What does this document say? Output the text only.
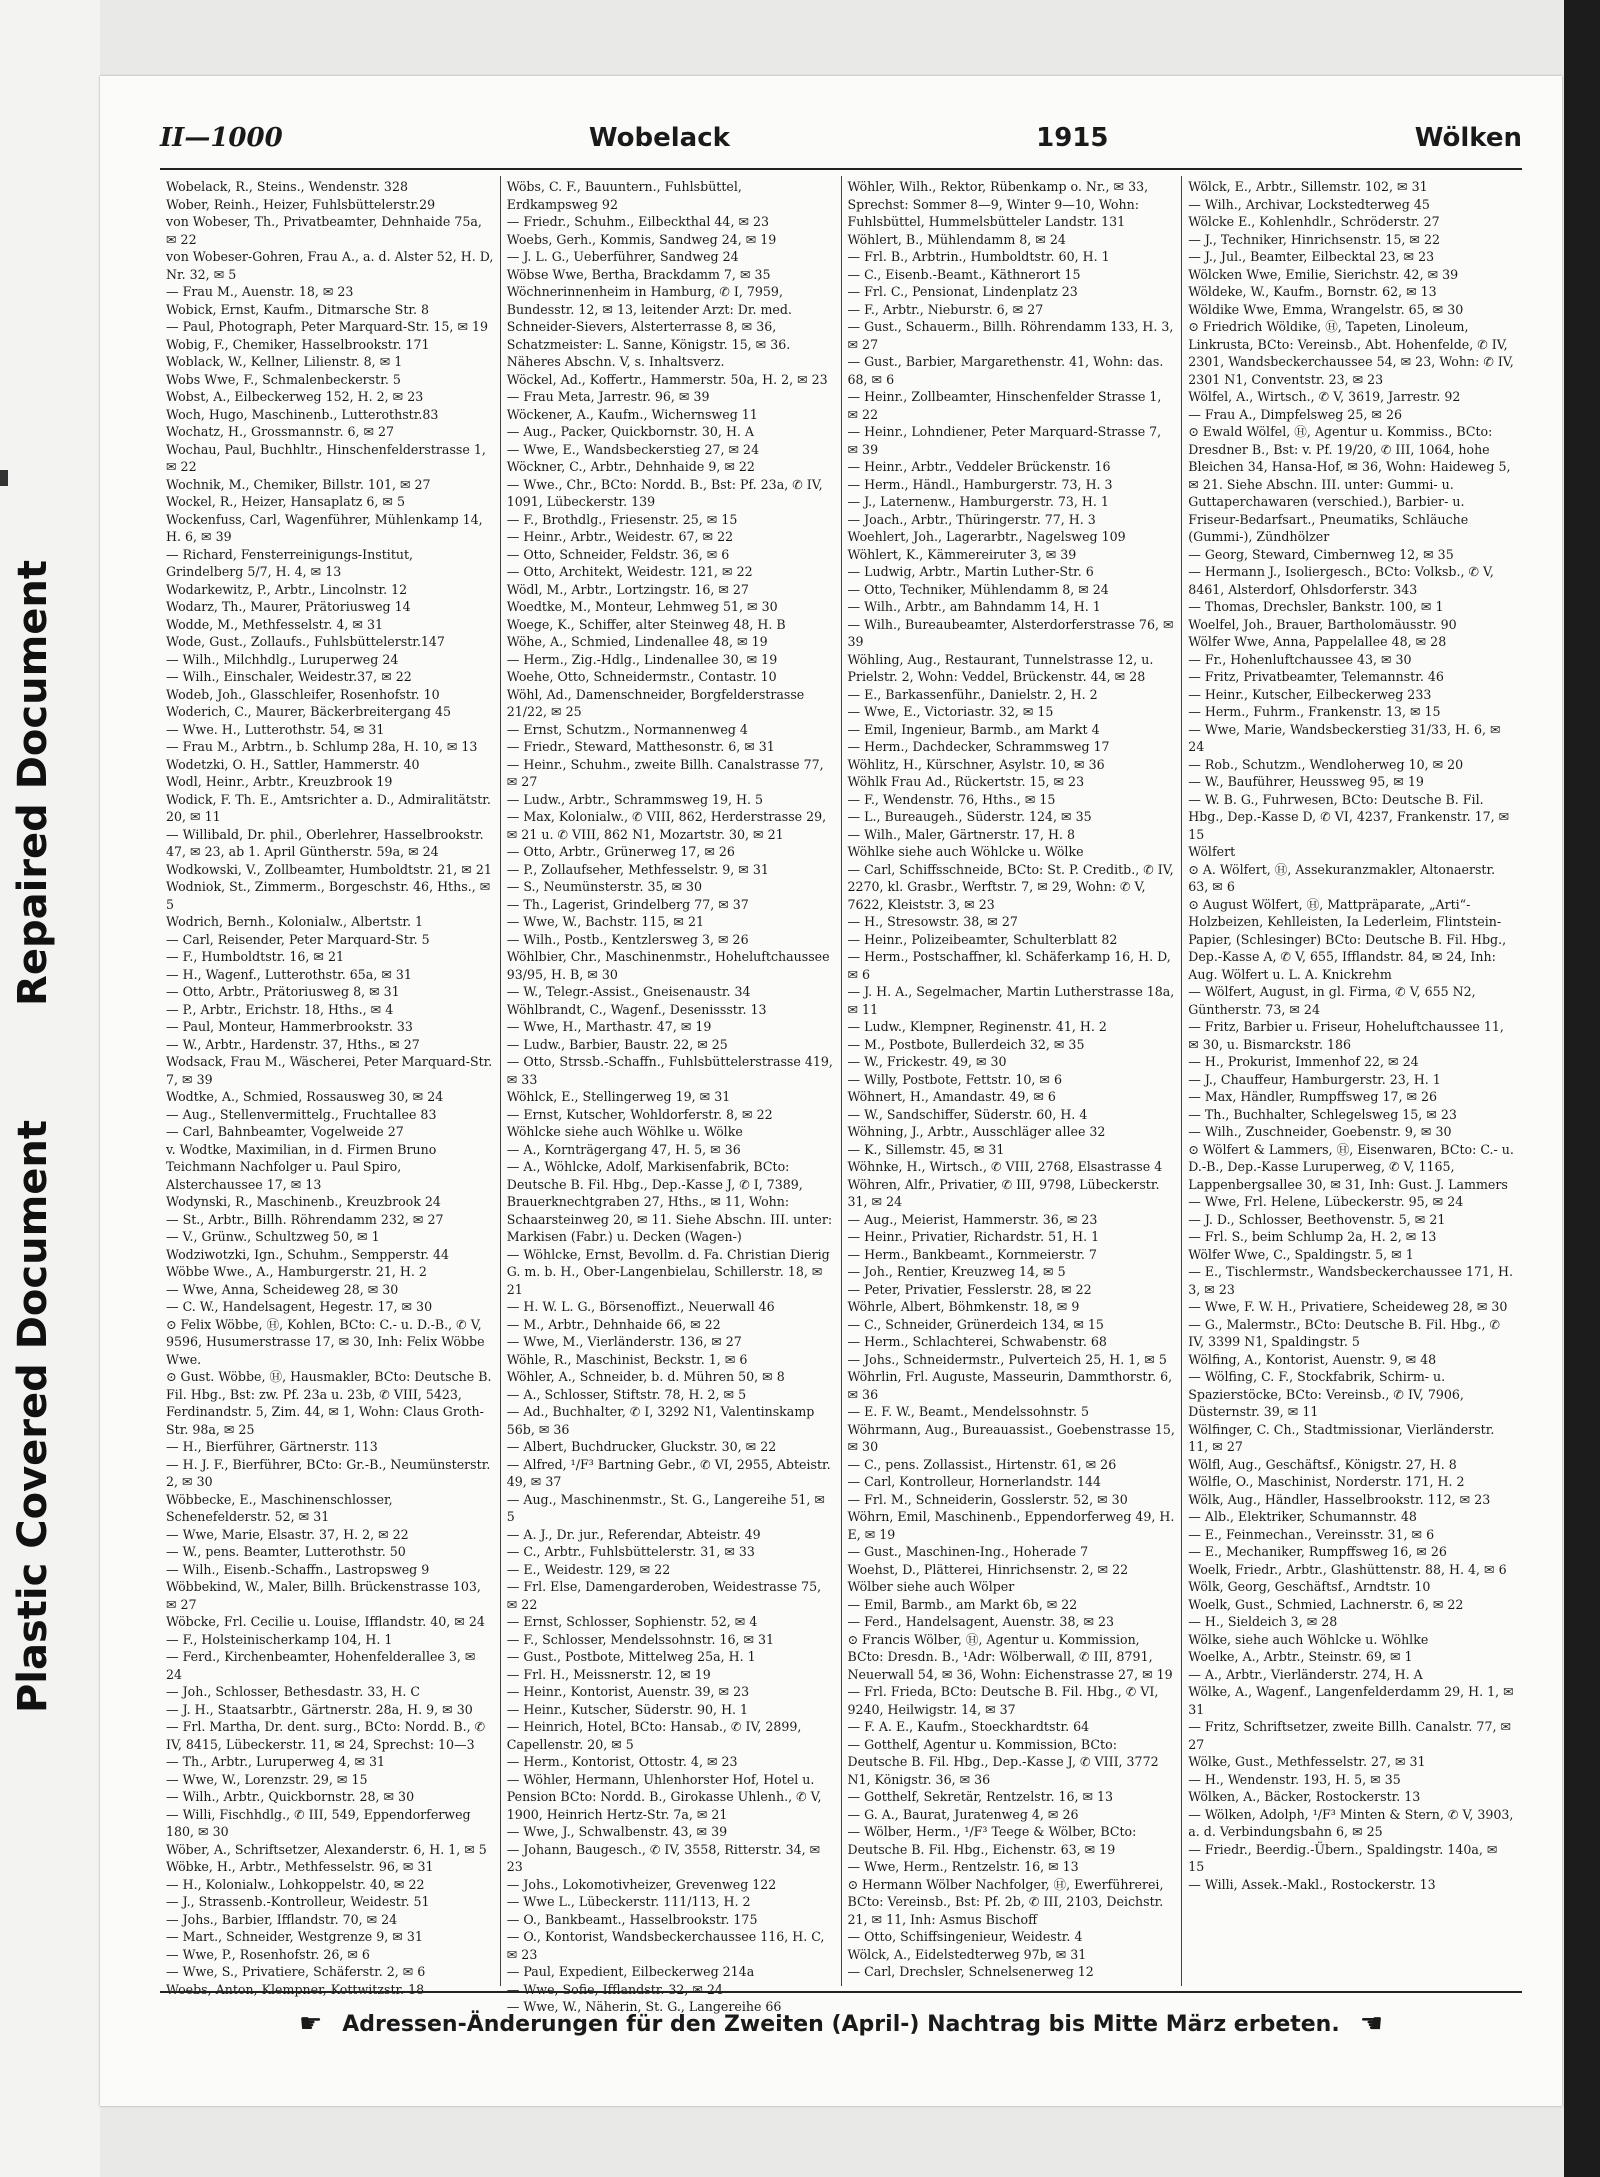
Repaired Document
Plastic Covered Document
II—1000	Wobelack	1915	Wölken

Wobelack, R., Steins., Wendenstr. 328

Wober, Reinh., Heizer, Fuhlsbüttelerstr.29

von Wobeser, Th., Privatbeamter, Dehnhaide 75a, ✉ 22

von Wobeser-Gohren, Frau A., a. d. Alster 52, H. D, Nr. 32, ✉ 5

— Frau M., Auenstr. 18, ✉ 23

Wobick, Ernst, Kaufm., Ditmarsche Str. 8

— Paul, Photograph, Peter Marquard-Str. 15, ✉ 19

Wobig, F., Chemiker, Hasselbrookstr. 171

Woblack, W., Kellner, Lilienstr. 8, ✉ 1

Wobs Wwe, F., Schmalenbeckerstr. 5

Wobst, A., Eilbeckerweg 152, H. 2, ✉ 23

Woch, Hugo, Maschinenb., Lutterothstr.83

Wochatz, H., Grossmannstr. 6, ✉ 27

Wochau, Paul, Buchhltr., Hinschenfelderstrasse 1, ✉ 22

Wochnik, M., Chemiker, Billstr. 101, ✉ 27

Wockel, R., Heizer, Hansaplatz 6, ✉ 5

Wockenfuss, Carl, Wagenführer, Mühlenkamp 14, H. 6, ✉ 39

— Richard, Fensterreinigungs-Institut, Grindelberg 5/7, H. 4, ✉ 13

Wodarkewitz, P., Arbtr., Lincolnstr. 12

Wodarz, Th., Maurer, Prätoriusweg 14

Wodde, M., Methfesselstr. 4, ✉ 31

Wode, Gust., Zollaufs., Fuhlsbüttelerstr.147

— Wilh., Milchhdlg., Luruperweg 24

— Wilh., Einschaler, Weidestr.37, ✉ 22

Wodeb, Joh., Glasschleifer, Rosenhofstr. 10

Woderich, C., Maurer, Bäckerbreitergang 45

— Wwe. H., Lutterothstr. 54, ✉ 31

— Frau M., Arbtrn., b. Schlump 28a, H. 10, ✉ 13

Wodetzki, O. H., Sattler, Hammerstr. 40

Wodl, Heinr., Arbtr., Kreuzbrook 19

Wodick, F. Th. E., Amtsrichter a. D., Admiralitätstr. 20, ✉ 11

— Willibald, Dr. phil., Oberlehrer, Hasselbrookstr. 47, ✉ 23, ab 1. April Güntherstr. 59a, ✉ 24

Wodkowski, V., Zollbeamter, Humboldtstr. 21, ✉ 21

Wodniok, St., Zimmerm., Borgeschstr. 46, Hths., ✉ 5

Wodrich, Bernh., Kolonialw., Albertstr. 1

— Carl, Reisender, Peter Marquard-Str. 5

— F., Humboldtstr. 16, ✉ 21

— H., Wagenf., Lutterothstr. 65a, ✉ 31

— Otto, Arbtr., Prätoriusweg 8, ✉ 31

— P., Arbtr., Erichstr. 18, Hths., ✉ 4

— Paul, Monteur, Hammerbrookstr. 33

— W., Arbtr., Hardenstr. 37, Hths., ✉ 27

Wodsack, Frau M., Wäscherei, Peter Marquard-Str. 7, ✉ 39

Wodtke, A., Schmied, Rossausweg 30, ✉ 24

— Aug., Stellenvermittelg., Fruchtallee 83

— Carl, Bahnbeamter, Vogelweide 27

v. Wodtke, Maximilian, in d. Firmen Bruno Teichmann Nachfolger u. Paul Spiro, Alsterchaussee 17, ✉ 13

Wodynski, R., Maschinenb., Kreuzbrook 24

— St., Arbtr., Billh. Röhrendamm 232, ✉ 27

— V., Grünw., Schultzweg 50, ✉ 1

Wodziwotzki, Ign., Schuhm., Sempperstr. 44

Wöbbe Wwe., A., Hamburgerstr. 21, H. 2

— Wwe, Anna, Scheideweg 28, ✉ 30

— C. W., Handelsagent, Hegestr. 17, ✉ 30

⊙ Felix Wöbbe, Ⓗ, Kohlen, BCto: C.- u. D.-B., ✆ V, 9596, Husumerstrasse 17, ✉ 30, Inh: Felix Wöbbe Wwe.

⊙ Gust. Wöbbe, Ⓗ, Hausmakler, BCto: Deutsche B. Fil. Hbg., Bst: zw. Pf. 23a u. 23b, ✆ VIII, 5423, Ferdinandstr. 5, Zim. 44, ✉ 1, Wohn: Claus Groth-Str. 98a, ✉ 25

— H., Bierführer, Gärtnerstr. 113

— H. J. F., Bierführer, BCto: Gr.-B., Neumünsterstr. 2, ✉ 30

Wöbbecke, E., Maschinenschlosser, Schenefelderstr. 52, ✉ 31

— Wwe, Marie, Elsastr. 37, H. 2, ✉ 22

— W., pens. Beamter, Lutterothstr. 50

— Wilh., Eisenb.-Schaffn., Lastropsweg 9

Wöbbekind, W., Maler, Billh. Brückenstrasse 103, ✉ 27

Wöbcke, Frl. Cecilie u. Louise, Ifflandstr. 40, ✉ 24

— F., Holsteinischerkamp 104, H. 1

— Ferd., Kirchenbeamter, Hohenfelderallee 3, ✉ 24

— Joh., Schlosser, Bethesdastr. 33, H. C

— J. H., Staatsarbtr., Gärtnerstr. 28a, H. 9, ✉ 30

— Frl. Martha, Dr. dent. surg., BCto: Nordd. B., ✆ IV, 8415, Lübeckerstr. 11, ✉ 24, Sprechst: 10—3

— Th., Arbtr., Luruperweg 4, ✉ 31

— Wwe, W., Lorenzstr. 29, ✉ 15

— Wilh., Arbtr., Quickbornstr. 28, ✉ 30

— Willi, Fischhdlg., ✆ III, 549, Eppendorferweg 180, ✉ 30

Wöber, A., Schriftsetzer, Alexanderstr. 6, H. 1, ✉ 5

Wöbke, H., Arbtr., Methfesselstr. 96, ✉ 31

— H., Kolonialw., Lohkoppelstr. 40, ✉ 22

— J., Strassenb.-Kontrolleur, Weidestr. 51

— Johs., Barbier, Ifflandstr. 70, ✉ 24

— Mart., Schneider, Westgrenze 9, ✉ 31

— Wwe, P., Rosenhofstr. 26, ✉ 6

— Wwe, S., Privatiere, Schäferstr. 2, ✉ 6

Woebs, Anton, Klempner, Kottwitzstr. 18

Wöbs, C. F., Bauuntern., Fuhlsbüttel, Erdkampsweg 92

— Friedr., Schuhm., Eilbeckthal 44, ✉ 23

Woebs, Gerh., Kommis, Sandweg 24, ✉ 19

— J. L. G., Ueberführer, Sandweg 24

Wöbse Wwe, Bertha, Brackdamm 7, ✉ 35

Wöchnerinnenheim in Hamburg, ✆ I, 7959, Bundesstr. 12, ✉ 13, leitender Arzt: Dr. med. Schneider-Sievers, Alsterterrasse 8, ✉ 36, Schatzmeister: L. Sanne, Königstr. 15, ✉ 36. Näheres Abschn. V, s. Inhaltsverz.

Wöckel, Ad., Koffertr., Hammerstr. 50a, H. 2, ✉ 23

— Frau Meta, Jarrestr. 96, ✉ 39

Wöckener, A., Kaufm., Wichernsweg 11

— Aug., Packer, Quickbornstr. 30, H. A

— Wwe, E., Wandsbeckerstieg 27, ✉ 24

Wöckner, C., Arbtr., Dehnhaide 9, ✉ 22

— Wwe., Chr., BCto: Nordd. B., Bst: Pf. 23a, ✆ IV, 1091, Lübeckerstr. 139

— F., Brothdlg., Friesenstr. 25, ✉ 15

— Heinr., Arbtr., Weidestr. 67, ✉ 22

— Otto, Schneider, Feldstr. 36, ✉ 6

— Otto, Architekt, Weidestr. 121, ✉ 22

Wödl, M., Arbtr., Lortzingstr. 16, ✉ 27

Woedtke, M., Monteur, Lehmweg 51, ✉ 30

Woege, K., Schiffer, alter Steinweg 48, H. B

Wöhe, A., Schmied, Lindenallee 48, ✉ 19

— Herm., Zig.-Hdlg., Lindenallee 30, ✉ 19

Woehe, Otto, Schneidermstr., Contastr. 10

Wöhl, Ad., Damenschneider, Borgfelderstrasse 21/22, ✉ 25

— Ernst, Schutzm., Normannenweg 4

— Friedr., Steward, Matthesonstr. 6, ✉ 31

— Heinr., Schuhm., zweite Billh. Canalstrasse 77, ✉ 27

— Ludw., Arbtr., Schrammsweg 19, H. 5

— Max, Kolonialw., ✆ VIII, 862, Herderstrasse 29, ✉ 21 u. ✆ VIII, 862 N1, Mozartstr. 30, ✉ 21

— Otto, Arbtr., Grünerweg 17, ✉ 26

— P., Zollaufseher, Methfesselstr. 9, ✉ 31

— S., Neumünsterstr. 35, ✉ 30

— Th., Lagerist, Grindelberg 77, ✉ 37

— Wwe, W., Bachstr. 115, ✉ 21

— Wilh., Postb., Kentzlersweg 3, ✉ 26

Wöhlbier, Chr., Maschinenmstr., Hoheluftchaussee 93/95, H. B, ✉ 30

— W., Telegr.-Assist., Gneisenaustr. 34

Wöhlbrandt, C., Wagenf., Desenissstr. 13

— Wwe, H., Marthastr. 47, ✉ 19

— Ludw., Barbier, Baustr. 22, ✉ 25

— Otto, Strssb.-Schaffn., Fuhlsbüttelerstrasse 419, ✉ 33

Wöhlck, E., Stellingerweg 19, ✉ 31

— Ernst, Kutscher, Wohldorferstr. 8, ✉ 22

Wöhlcke siehe auch Wöhlke u. Wölke

— A., Kornträgergang 47, H. 5, ✉ 36

— A., Wöhlcke, Adolf, Markisenfabrik, BCto: Deutsche B. Fil. Hbg., Dep.-Kasse J, ✆ I, 7389, Brauerknechtgraben 27, Hths., ✉ 11, Wohn: Schaarsteinweg 20, ✉ 11. Siehe Abschn. III. unter: Markisen (Fabr.) u. Decken (Wagen-)

— Wöhlcke, Ernst, Bevollm. d. Fa. Christian Dierig G. m. b. H., Ober-Langenbielau, Schillerstr. 18, ✉ 21

— H. W. L. G., Börsenoffizt., Neuerwall 46

— M., Arbtr., Dehnhaide 66, ✉ 22

— Wwe, M., Vierländerstr. 136, ✉ 27

Wöhle, R., Maschinist, Beckstr. 1, ✉ 6

Wöhler, A., Schneider, b. d. Mühren 50, ✉ 8

— A., Schlosser, Stiftstr. 78, H. 2, ✉ 5

— Ad., Buchhalter, ✆ I, 3292 N1, Valentinskamp 56b, ✉ 36

— Albert, Buchdrucker, Gluckstr. 30, ✉ 22

— Alfred, ¹/F³ Bartning Gebr., ✆ VI, 2955, Abteistr. 49, ✉ 37

— Aug., Maschinenmstr., St. G., Langereihe 51, ✉ 5

— A. J., Dr. jur., Referendar, Abteistr. 49

— C., Arbtr., Fuhlsbüttelerstr. 31, ✉ 33

— E., Weidestr. 129, ✉ 22

— Frl. Else, Damengarderoben, Weidestrasse 75, ✉ 22

— Ernst, Schlosser, Sophienstr. 52, ✉ 4

— F., Schlosser, Mendelssohnstr. 16, ✉ 31

— Gust., Postbote, Mittelweg 25a, H. 1

— Frl. H., Meissnerstr. 12, ✉ 19

— Heinr., Kontorist, Auenstr. 39, ✉ 23

— Heinr., Kutscher, Süderstr. 90, H. 1

— Heinrich, Hotel, BCto: Hansab., ✆ IV, 2899, Capellenstr. 20, ✉ 5

— Herm., Kontorist, Ottostr. 4, ✉ 23

— Wöhler, Hermann, Uhlenhorster Hof, Hotel u. Pension BCto: Nordd. B., Girokasse Uhlenh., ✆ V, 1900, Heinrich Hertz-Str. 7a, ✉ 21

— Wwe, J., Schwalbenstr. 43, ✉ 39

— Johann, Baugesch., ✆ IV, 3558, Ritterstr. 34, ✉ 23

— Johs., Lokomotivheizer, Grevenweg 122

— Wwe L., Lübeckerstr. 111/113, H. 2

— O., Bankbeamt., Hasselbrookstr. 175

— O., Kontorist, Wandsbeckerchaussee 116, H. C, ✉ 23

— Paul, Expedient, Eilbeckerweg 214a

— Wwe, Sofie, Ifflandstr. 32, ✉ 24

— Wwe, W., Näherin, St. G., Langereihe 66

Wöhler, Wilh., Rektor, Rübenkamp o. Nr., ✉ 33, Sprechst: Sommer 8—9, Winter 9—10, Wohn: Fuhlsbüttel, Hummelsbütteler Landstr. 131

Wöhlert, B., Mühlendamm 8, ✉ 24

— Frl. B., Arbtrin., Humboldtstr. 60, H. 1

— C., Eisenb.-Beamt., Käthnerort 15

— Frl. C., Pensionat, Lindenplatz 23

— F., Arbtr., Nieburstr. 6, ✉ 27

— Gust., Schauerm., Billh. Röhrendamm 133, H. 3, ✉ 27

— Gust., Barbier, Margarethenstr. 41, Wohn: das. 68, ✉ 6

— Heinr., Zollbeamter, Hinschenfelder Strasse 1, ✉ 22

— Heinr., Lohndiener, Peter Marquard-Strasse 7, ✉ 39

— Heinr., Arbtr., Veddeler Brückenstr. 16

— Herm., Händl., Hamburgerstr. 73, H. 3

— J., Laternenw., Hamburgerstr. 73, H. 1

— Joach., Arbtr., Thüringerstr. 77, H. 3

Woehlert, Joh., Lagerarbtr., Nagelsweg 109

Wöhlert, K., Kämmereiruter 3, ✉ 39

— Ludwig, Arbtr., Martin Luther-Str. 6

— Otto, Techniker, Mühlendamm 8, ✉ 24

— Wilh., Arbtr., am Bahndamm 14, H. 1

— Wilh., Bureaubeamter, Alsterdorferstrasse 76, ✉ 39

Wöhling, Aug., Restaurant, Tunnelstrasse 12, u. Prielstr. 2, Wohn: Veddel, Brückenstr. 44, ✉ 28

— E., Barkassenführ., Danielstr. 2, H. 2

— Wwe, E., Victoriastr. 32, ✉ 15

— Emil, Ingenieur, Barmb., am Markt 4

— Herm., Dachdecker, Schrammsweg 17

Wöhlitz, H., Kürschner, Asylstr. 10, ✉ 36

Wöhlk Frau Ad., Rückertstr. 15, ✉ 23

— F., Wendenstr. 76, Hths., ✉ 15

— L., Bureaugeh., Süderstr. 124, ✉ 35

— Wilh., Maler, Gärtnerstr. 17, H. 8

Wöhlke siehe auch Wöhlcke u. Wölke

— Carl, Schiffsschneide, BCto: St. P. Creditb., ✆ IV, 2270, kl. Grasbr., Werftstr. 7, ✉ 29, Wohn: ✆ V, 7622, Kleiststr. 3, ✉ 23

— H., Stresowstr. 38, ✉ 27

— Heinr., Polizeibeamter, Schulterblatt 82

— Herm., Postschaffner, kl. Schäferkamp 16, H. D, ✉ 6

— J. H. A., Segelmacher, Martin Lutherstrasse 18a, ✉ 11

— Ludw., Klempner, Reginenstr. 41, H. 2

— M., Postbote, Bullerdeich 32, ✉ 35

— W., Frickestr. 49, ✉ 30

— Willy, Postbote, Fettstr. 10, ✉ 6

Wöhnert, H., Amandastr. 49, ✉ 6

— W., Sandschiffer, Süderstr. 60, H. 4

Wöhning, J., Arbtr., Ausschläger allee 32

— K., Sillemstr. 45, ✉ 31

Wöhnke, H., Wirtsch., ✆ VIII, 2768, Elsastrasse 4

Wöhren, Alfr., Privatier, ✆ III, 9798, Lübeckerstr. 31, ✉ 24

— Aug., Meierist, Hammerstr. 36, ✉ 23

— Heinr., Privatier, Richardstr. 51, H. 1

— Herm., Bankbeamt., Kornmeierstr. 7

— Joh., Rentier, Kreuzweg 14, ✉ 5

— Peter, Privatier, Fesslerstr. 28, ✉ 22

Wöhrle, Albert, Böhmkenstr. 18, ✉ 9

— C., Schneider, Grünerdeich 134, ✉ 15

— Herm., Schlachterei, Schwabenstr. 68

— Johs., Schneidermstr., Pulverteich 25, H. 1, ✉ 5

Wöhrlin, Frl. Auguste, Masseurin, Dammthorstr. 6, ✉ 36

— E. F. W., Beamt., Mendelssohnstr. 5

Wöhrmann, Aug., Bureauassist., Goebenstrasse 15, ✉ 30

— C., pens. Zollassist., Hirtenstr. 61, ✉ 26

— Carl, Kontrolleur, Hornerlandstr. 144

— Frl. M., Schneiderin, Gosslerstr. 52, ✉ 30

Wöhrn, Emil, Maschinenb., Eppendorferweg 49, H. E, ✉ 19

— Gust., Maschinen-Ing., Hoherade 7

Woehst, D., Plätterei, Hinrichsenstr. 2, ✉ 22

Wölber siehe auch Wölper

— Emil, Barmb., am Markt 6b, ✉ 22

— Ferd., Handelsagent, Auenstr. 38, ✉ 23

⊙ Francis Wölber, Ⓗ, Agentur u. Kommission, BCto: Dresdn. B., ¹Adr: Wölberwall, ✆ III, 8791, Neuerwall 54, ✉ 36, Wohn: Eichenstrasse 27, ✉ 19

— Frl. Frieda, BCto: Deutsche B. Fil. Hbg., ✆ VI, 9240, Heilwigstr. 14, ✉ 37

— F. A. E., Kaufm., Stoeckhardtstr. 64

— Gotthelf, Agentur u. Kommission, BCto: Deutsche B. Fil. Hbg., Dep.-Kasse J, ✆ VIII, 3772 N1, Königstr. 36, ✉ 36

— Gotthelf, Sekretär, Rentzelstr. 16, ✉ 13

— G. A., Baurat, Juratenweg 4, ✉ 26

— Wölber, Herm., ¹/F³ Teege & Wölber, BCto: Deutsche B. Fil. Hbg., Eichenstr. 63, ✉ 19

— Wwe, Herm., Rentzelstr. 16, ✉ 13

⊙ Hermann Wölber Nachfolger, Ⓗ, Ewerführerei, BCto: Vereinsb., Bst: Pf. 2b, ✆ III, 2103, Deichstr. 21, ✉ 11, Inh: Asmus Bischoff

— Otto, Schiffsingenieur, Weidestr. 4

Wölck, A., Eidelstedterweg 97b, ✉ 31

— Carl, Drechsler, Schnelsenerweg 12

Wölck, E., Arbtr., Sillemstr. 102, ✉ 31

— Wilh., Archivar, Lockstedterweg 45

Wölcke E., Kohlenhdlr., Schröderstr. 27

— J., Techniker, Hinrichsenstr. 15, ✉ 22

— J., Jul., Beamter, Eilbecktal 23, ✉ 23

Wölcken Wwe, Emilie, Sierichstr. 42, ✉ 39

Wöldeke, W., Kaufm., Bornstr. 62, ✉ 13

Wöldike Wwe, Emma, Wrangelstr. 65, ✉ 30

⊙ Friedrich Wöldike, Ⓗ, Tapeten, Linoleum, Linkrusta, BCto: Vereinsb., Abt. Hohenfelde, ✆ IV, 2301, Wandsbeckerchaussee 54, ✉ 23, Wohn: ✆ IV, 2301 N1, Conventstr. 23, ✉ 23

Wölfel, A., Wirtsch., ✆ V, 3619, Jarrestr. 92

— Frau A., Dimpfelsweg 25, ✉ 26

⊙ Ewald Wölfel, Ⓗ, Agentur u. Kommiss., BCto: Dresdner B., Bst: v. Pf. 19/20, ✆ III, 1064, hohe Bleichen 34, Hansa-Hof, ✉ 36, Wohn: Haideweg 5, ✉ 21. Siehe Abschn. III. unter: Gummi- u. Guttaperchawaren (verschied.), Barbier- u. Friseur-Bedarfsart., Pneumatiks, Schläuche (Gummi-), Zündhölzer

— Georg, Steward, Cimbernweg 12, ✉ 35

— Hermann J., Isoliergesch., BCto: Volksb., ✆ V, 8461, Alsterdorf, Ohlsdorferstr. 343

— Thomas, Drechsler, Bankstr. 100, ✉ 1

Woelfel, Joh., Brauer, Bartholomäusstr. 90

Wölfer Wwe, Anna, Pappelallee 48, ✉ 28

— Fr., Hohenluftchaussee 43, ✉ 30

— Fritz, Privatbeamter, Telemannstr. 46

— Heinr., Kutscher, Eilbeckerweg 233

— Herm., Fuhrm., Frankenstr. 13, ✉ 15

— Wwe, Marie, Wandsbeckerstieg 31/33, H. 6, ✉ 24

— Rob., Schutzm., Wendloherweg 10, ✉ 20

— W., Bauführer, Heussweg 95, ✉ 19

— W. B. G., Fuhrwesen, BCto: Deutsche B. Fil. Hbg., Dep.-Kasse D, ✆ VI, 4237, Frankenstr. 17, ✉ 15

Wölfert

⊙ A. Wölfert, Ⓗ, Assekuranzmakler, Altonaerstr. 63, ✉ 6

⊙ August Wölfert, Ⓗ, Mattpräparate, „Arti“-Holzbeizen, Kehlleisten, Ia Lederleim, Flintstein-Papier, (Schlesinger) BCto: Deutsche B. Fil. Hbg., Dep.-Kasse A, ✆ V, 655, Ifflandstr. 84, ✉ 24, Inh: Aug. Wölfert u. L. A. Knickrehm

— Wölfert, August, in gl. Firma, ✆ V, 655 N2, Güntherstr. 73, ✉ 24

— Fritz, Barbier u. Friseur, Hoheluftchaussee 11, ✉ 30, u. Bismarckstr. 186

— H., Prokurist, Immenhof 22, ✉ 24

— J., Chauffeur, Hamburgerstr. 23, H. 1

— Max, Händler, Rumpffsweg 17, ✉ 26

— Th., Buchhalter, Schlegelsweg 15, ✉ 23

— Wilh., Zuschneider, Goebenstr. 9, ✉ 30

⊙ Wölfert & Lammers, Ⓗ, Eisenwaren, BCto: C.- u. D.-B., Dep.-Kasse Luruperweg, ✆ V, 1165, Lappenbergsallee 30, ✉ 31, Inh: Gust. J. Lammers

— Wwe, Frl. Helene, Lübeckerstr. 95, ✉ 24

— J. D., Schlosser, Beethovenstr. 5, ✉ 21

— Frl. S., beim Schlump 2a, H. 2, ✉ 13

Wölfer Wwe, C., Spaldingstr. 5, ✉ 1

— E., Tischlermstr., Wandsbeckerchaussee 171, H. 3, ✉ 23

— Wwe, F. W. H., Privatiere, Scheideweg 28, ✉ 30

— G., Malermstr., BCto: Deutsche B. Fil. Hbg., ✆ IV, 3399 N1, Spaldingstr. 5

Wölfing, A., Kontorist, Auenstr. 9, ✉ 48

— Wölfing, C. F., Stockfabrik, Schirm- u. Spazierstöcke, BCto: Vereinsb., ✆ IV, 7906, Düsternstr. 39, ✉ 11

Wölfinger, C. Ch., Stadtmissionar, Vierländerstr. 11, ✉ 27

Wölfl, Aug., Geschäftsf., Königstr. 27, H. 8

Wölfle, O., Maschinist, Norderstr. 171, H. 2

Wölk, Aug., Händler, Hasselbrookstr. 112, ✉ 23

— Alb., Elektriker, Schumannstr. 48

— E., Feinmechan., Vereinsstr. 31, ✉ 6

— E., Mechaniker, Rumpffsweg 16, ✉ 26

Woelk, Friedr., Arbtr., Glashüttenstr. 88, H. 4, ✉ 6

Wölk, Georg, Geschäftsf., Arndtstr. 10

Woelk, Gust., Schmied, Lachnerstr. 6, ✉ 22

— H., Sieldeich 3, ✉ 28

Wölke, siehe auch Wöhlcke u. Wöhlke

Woelke, A., Arbtr., Steinstr. 69, ✉ 1

— A., Arbtr., Vierländerstr. 274, H. A

Wölke, A., Wagenf., Langenfelderdamm 29, H. 1, ✉ 31

— Fritz, Schriftsetzer, zweite Billh. Canalstr. 77, ✉ 27

Wölke, Gust., Methfesselstr. 27, ✉ 31

— H., Wendenstr. 193, H. 5, ✉ 35

Wölken, A., Bäcker, Rostockerstr. 13

— Wölken, Adolph, ¹/F³ Minten & Stern, ✆ V, 3903, a. d. Verbindungsbahn 6, ✉ 25

— Friedr., Beerdig.-Übern., Spaldingstr. 140a, ✉ 15

— Willi, Assek.-Makl., Rostockerstr. 13

☛ Adressen-Änderungen für den Zweiten (April-) Nachtrag bis Mitte März erbeten. ☚
